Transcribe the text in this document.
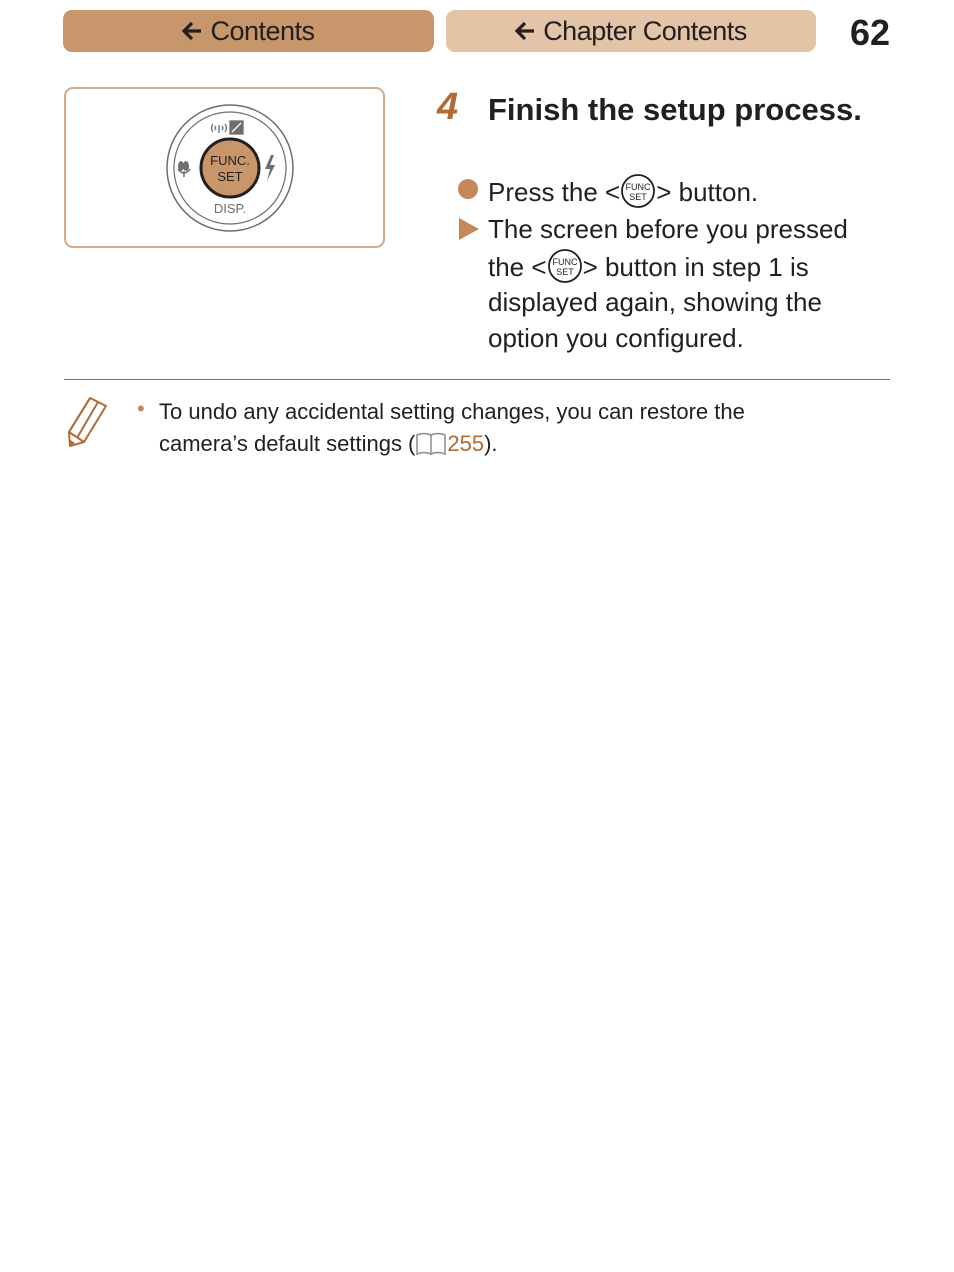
Contents	Chapter Contents	62
FUNC.
SET
DISP.
4 Finish the setup process.
Press the < FUNC
SET > button.
The screen before you pressed
the < FUNC
SET > button in step 1 is
displayed again, showing the
option you configured.
• To undo any accidental setting changes, you can restore the
camera’s default settings ( 255).
